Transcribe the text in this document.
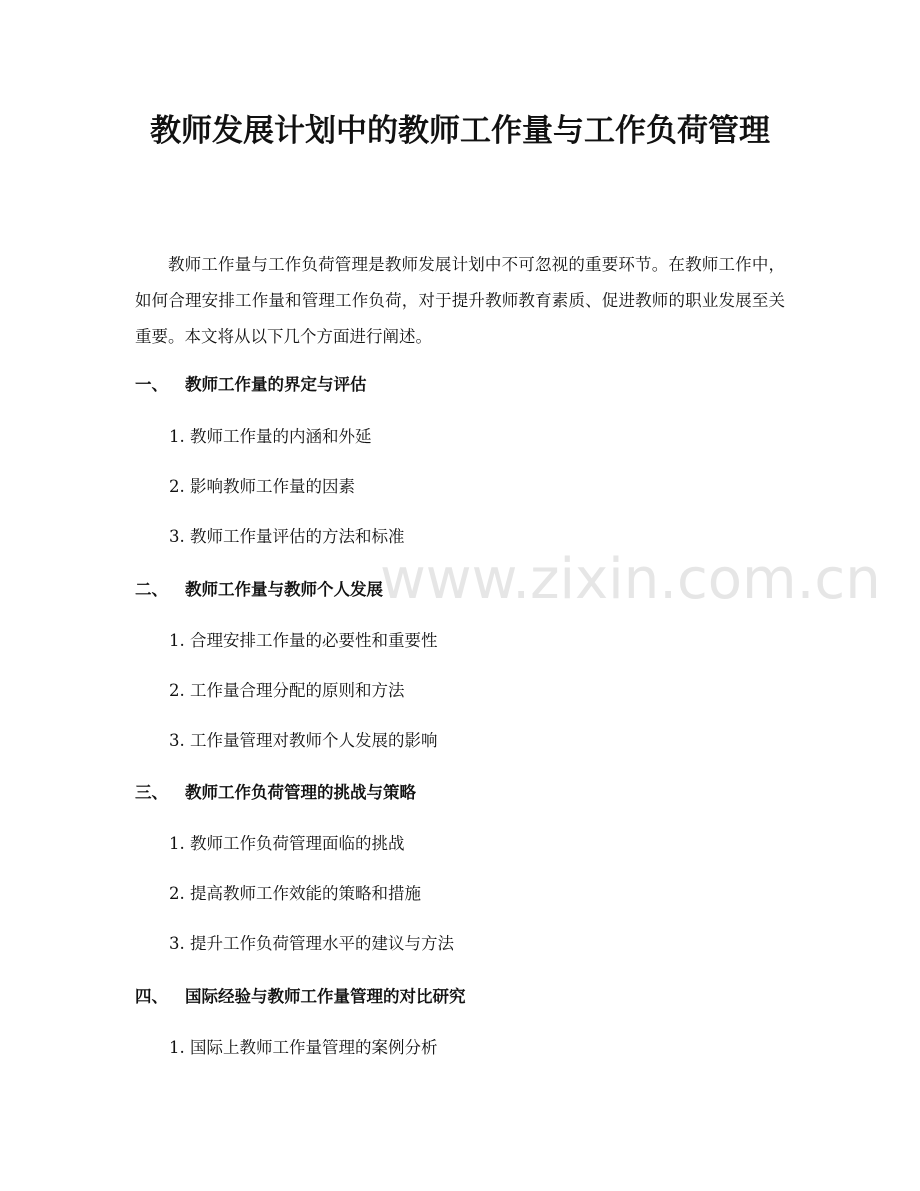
教师发展计划中的教师工作量与工作负荷管理

教师工作量与工作负荷管理是教师发展计划中不可忽视的重要环节。在教师工作中，如何合理安排工作量和管理工作负荷，对于提升教师教育素质、促进教师的职业发展至关重要。本文将从以下几个方面进行阐述。

一、 教师工作量的界定与评估
1. 教师工作量的内涵和外延
2. 影响教师工作量的因素
3. 教师工作量评估的方法和标准
二、 教师工作量与教师个人发展
1. 合理安排工作量的必要性和重要性
2. 工作量合理分配的原则和方法
3. 工作量管理对教师个人发展的影响
三、 教师工作负荷管理的挑战与策略
1. 教师工作负荷管理面临的挑战
2. 提高教师工作效能的策略和措施
3. 提升工作负荷管理水平的建议与方法
四、 国际经验与教师工作量管理的对比研究
1. 国际上教师工作量管理的案例分析
www.zixin.com.cn
